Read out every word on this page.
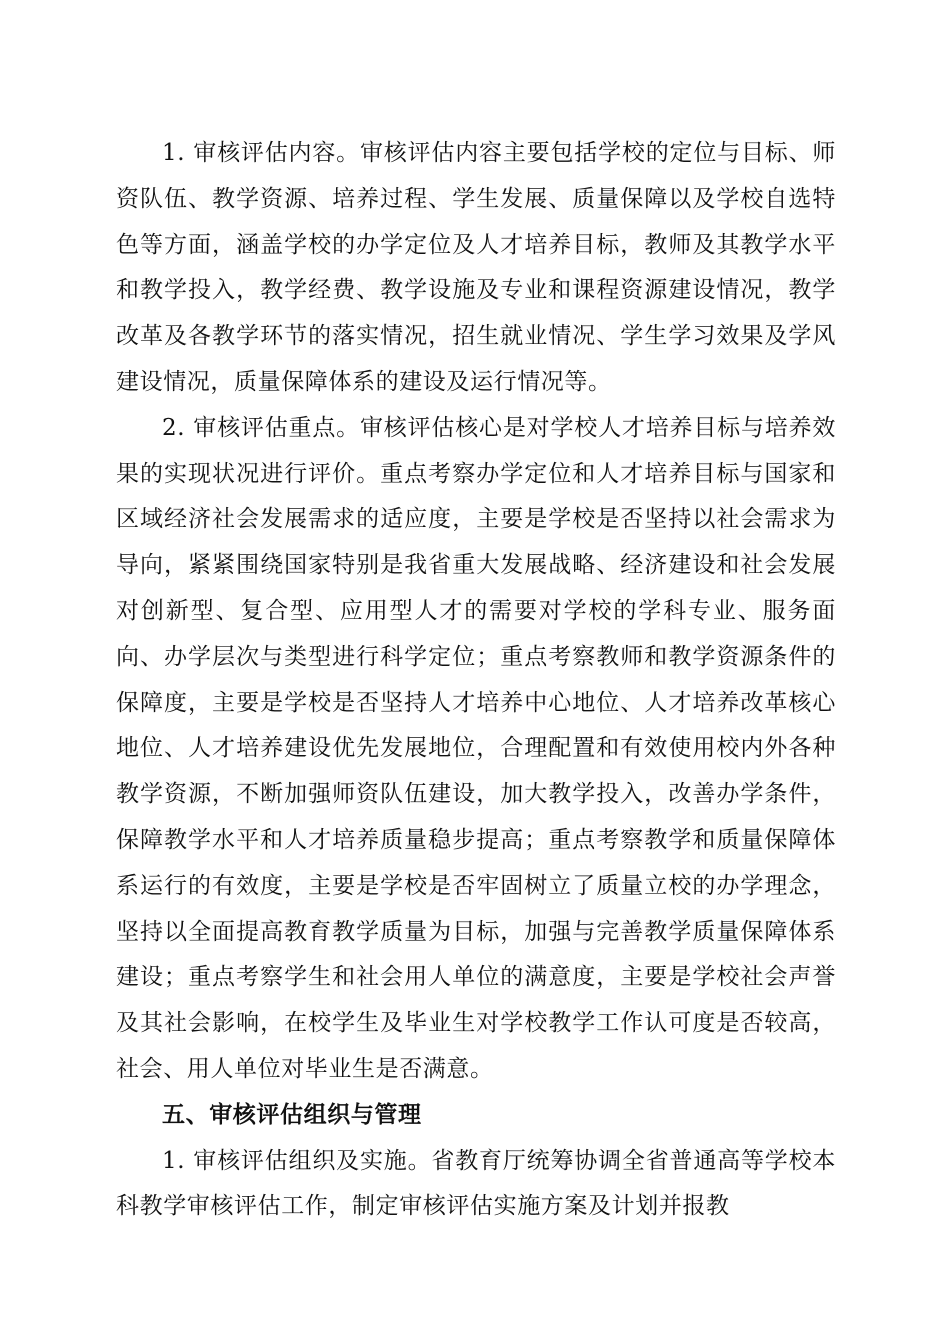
1. 审核评估内容。审核评估内容主要包括学校的定位与目标、师资队伍、教学资源、培养过程、学生发展、质量保障以及学校自选特色等方面，涵盖学校的办学定位及人才培养目标，教师及其教学水平和教学投入，教学经费、教学设施及专业和课程资源建设情况，教学改革及各教学环节的落实情况，招生就业情况、学生学习效果及学风建设情况，质量保障体系的建设及运行情况等。

2. 审核评估重点。审核评估核心是对学校人才培养目标与培养效果的实现状况进行评价。重点考察办学定位和人才培养目标与国家和区域经济社会发展需求的适应度，主要是学校是否坚持以社会需求为导向，紧紧围绕国家特别是我省重大发展战略、经济建设和社会发展对创新型、复合型、应用型人才的需要对学校的学科专业、服务面向、办学层次与类型进行科学定位；重点考察教师和教学资源条件的保障度，主要是学校是否坚持人才培养中心地位、人才培养改革核心地位、人才培养建设优先发展地位，合理配置和有效使用校内外各种教学资源，不断加强师资队伍建设，加大教学投入，改善办学条件，保障教学水平和人才培养质量稳步提高；重点考察教学和质量保障体系运行的有效度，主要是学校是否牢固树立了质量立校的办学理念，坚持以全面提高教育教学质量为目标，加强与完善教学质量保障体系建设；重点考察学生和社会用人单位的满意度，主要是学校社会声誉及其社会影响，在校学生及毕业生对学校教学工作认可度是否较高，社会、用人单位对毕业生是否满意。

五、审核评估组织与管理

1. 审核评估组织及实施。省教育厅统筹协调全省普通高等学校本科教学审核评估工作，制定审核评估实施方案及计划并报教
